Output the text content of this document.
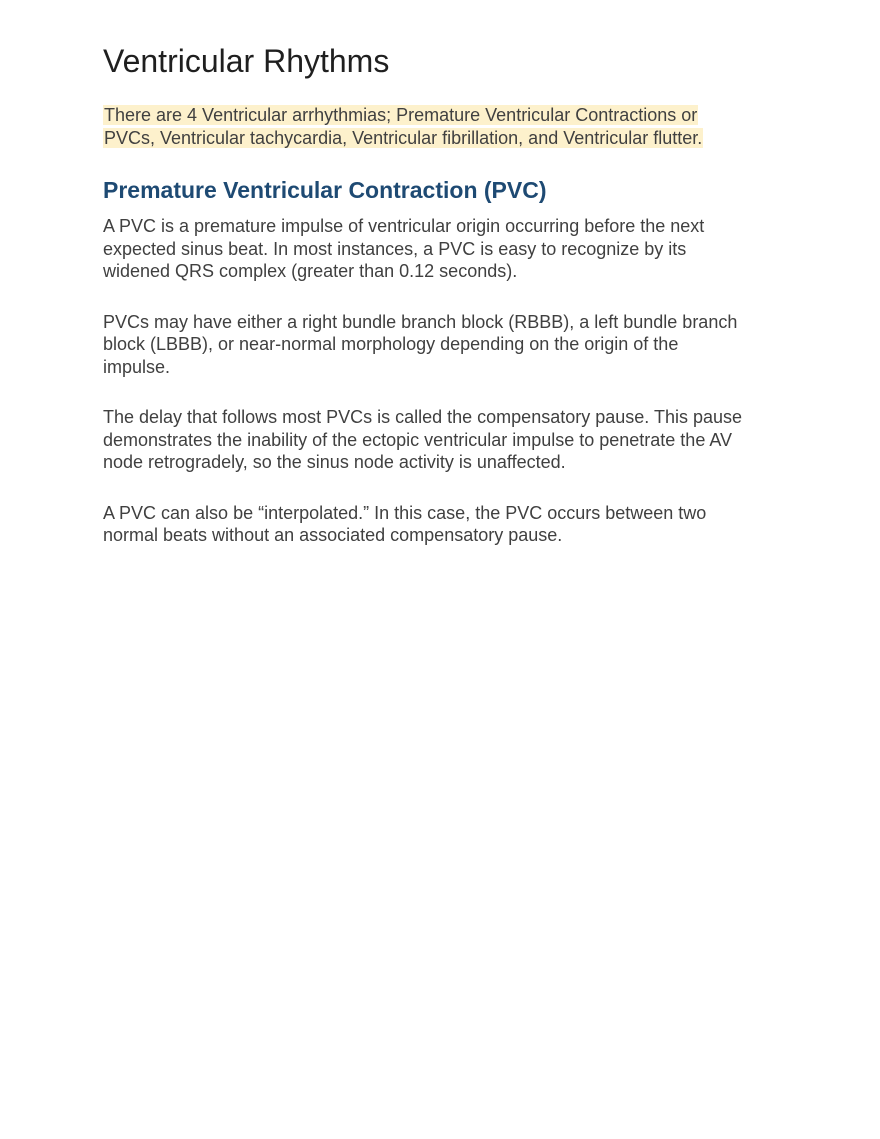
Ventricular Rhythms

There are 4 Ventricular arrhythmias; Premature Ventricular Contractions or PVCs, Ventricular tachycardia, Ventricular fibrillation, and Ventricular flutter.

Premature Ventricular Contraction (PVC)

A PVC is a premature impulse of ventricular origin occurring before the next expected sinus beat. In most instances, a PVC is easy to recognize by its widened QRS complex (greater than 0.12 seconds).

PVCs may have either a right bundle branch block (RBBB), a left bundle branch block (LBBB), or near-normal morphology depending on the origin of the impulse.

The delay that follows most PVCs is called the compensatory pause. This pause demonstrates the inability of the ectopic ventricular impulse to penetrate the AV node retrogradely, so the sinus node activity is unaffected.

A PVC can also be “interpolated.” In this case, the PVC occurs between two normal beats without an associated compensatory pause.
